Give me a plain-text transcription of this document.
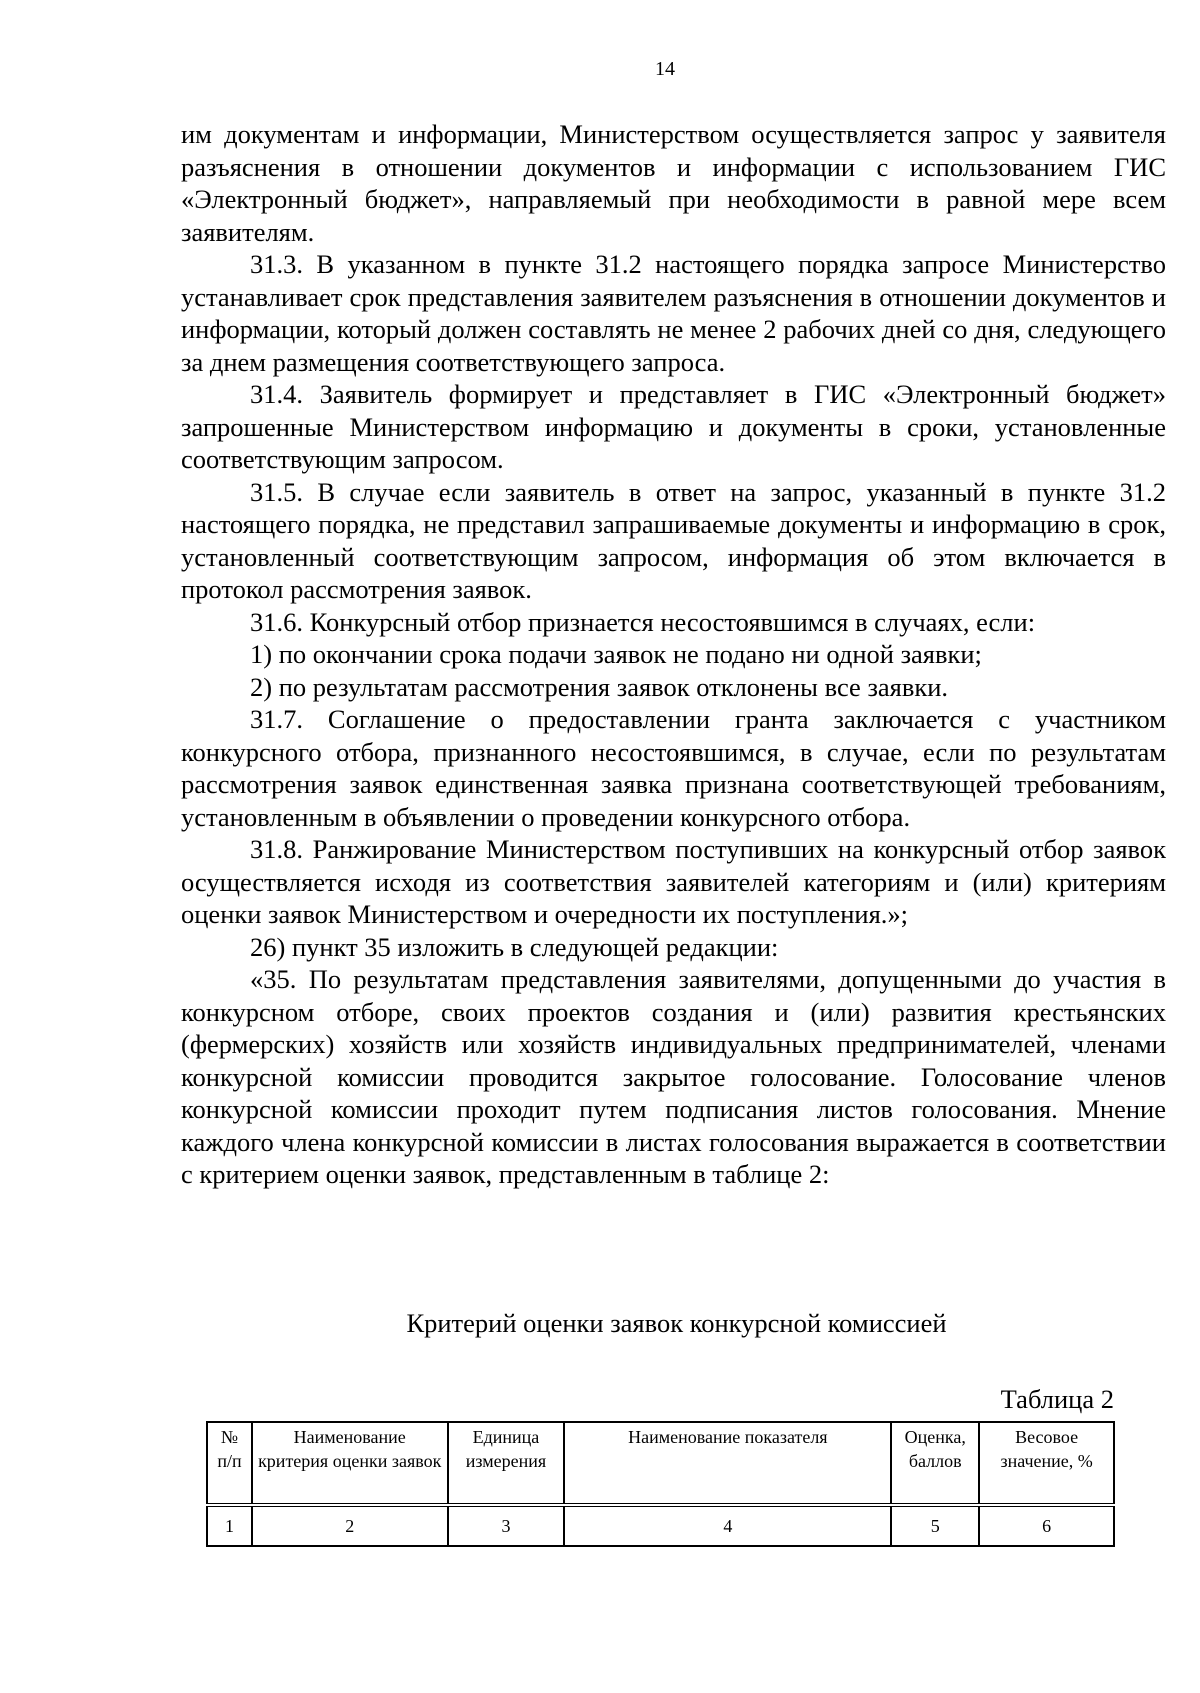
14

им документам и информации, Министерством осуществляется запрос у заявителя разъяснения в отношении документов и информации с использованием ГИС «Электронный бюджет», направляемый при необходимости в равной мере всем заявителям.

31.3. В указанном в пункте 31.2 настоящего порядка запросе Министерство устанавливает срок представления заявителем разъяснения в отношении документов и информации, который должен составлять не менее 2 рабочих дней со дня, следующего за днем размещения соответствующего запроса.

31.4. Заявитель формирует и представляет в ГИС «Электронный бюджет» запрошенные Министерством информацию и документы в сроки, установленные соответствующим запросом.

31.5. В случае если заявитель в ответ на запрос, указанный в пункте 31.2 настоящего порядка, не представил запрашиваемые документы и информацию в срок, установленный соответствующим запросом, информация об этом включается в протокол рассмотрения заявок.

31.6. Конкурсный отбор признается несостоявшимся в случаях, если:

1) по окончании срока подачи заявок не подано ни одной заявки;

2) по результатам рассмотрения заявок отклонены все заявки.

31.7. Соглашение о предоставлении гранта заключается с участником конкурсного отбора, признанного несостоявшимся, в случае, если по результатам рассмотрения заявок единственная заявка признана соответствующей требованиям, установленным в объявлении о проведении конкурсного отбора.

31.8. Ранжирование Министерством поступивших на конкурсный отбор заявок осуществляется исходя из соответствия заявителей категориям и (или) критериям оценки заявок Министерством и очередности их поступления.»;

26) пункт 35 изложить в следующей редакции:

«35. По результатам представления заявителями, допущенными до участия в конкурсном отборе, своих проектов создания и (или) развития крестьянских (фермерских) хозяйств или хозяйств индивидуальных предпринимателей, членами конкурсной комиссии проводится закрытое голосование. Голосование членов конкурсной комиссии проходит путем подписания листов голосования. Мнение каждого члена конкурсной комиссии в листах голосования выражается в соответствии с критерием оценки заявок, представленным в таблице 2:

Критерий оценки заявок конкурсной комиссией
Таблица 2
№ п/п	Наименование критерия оценки заявок	Единица измерения	Наименование показателя	Оценка, баллов	Весовое значение, %
1	2	3	4	5	6
